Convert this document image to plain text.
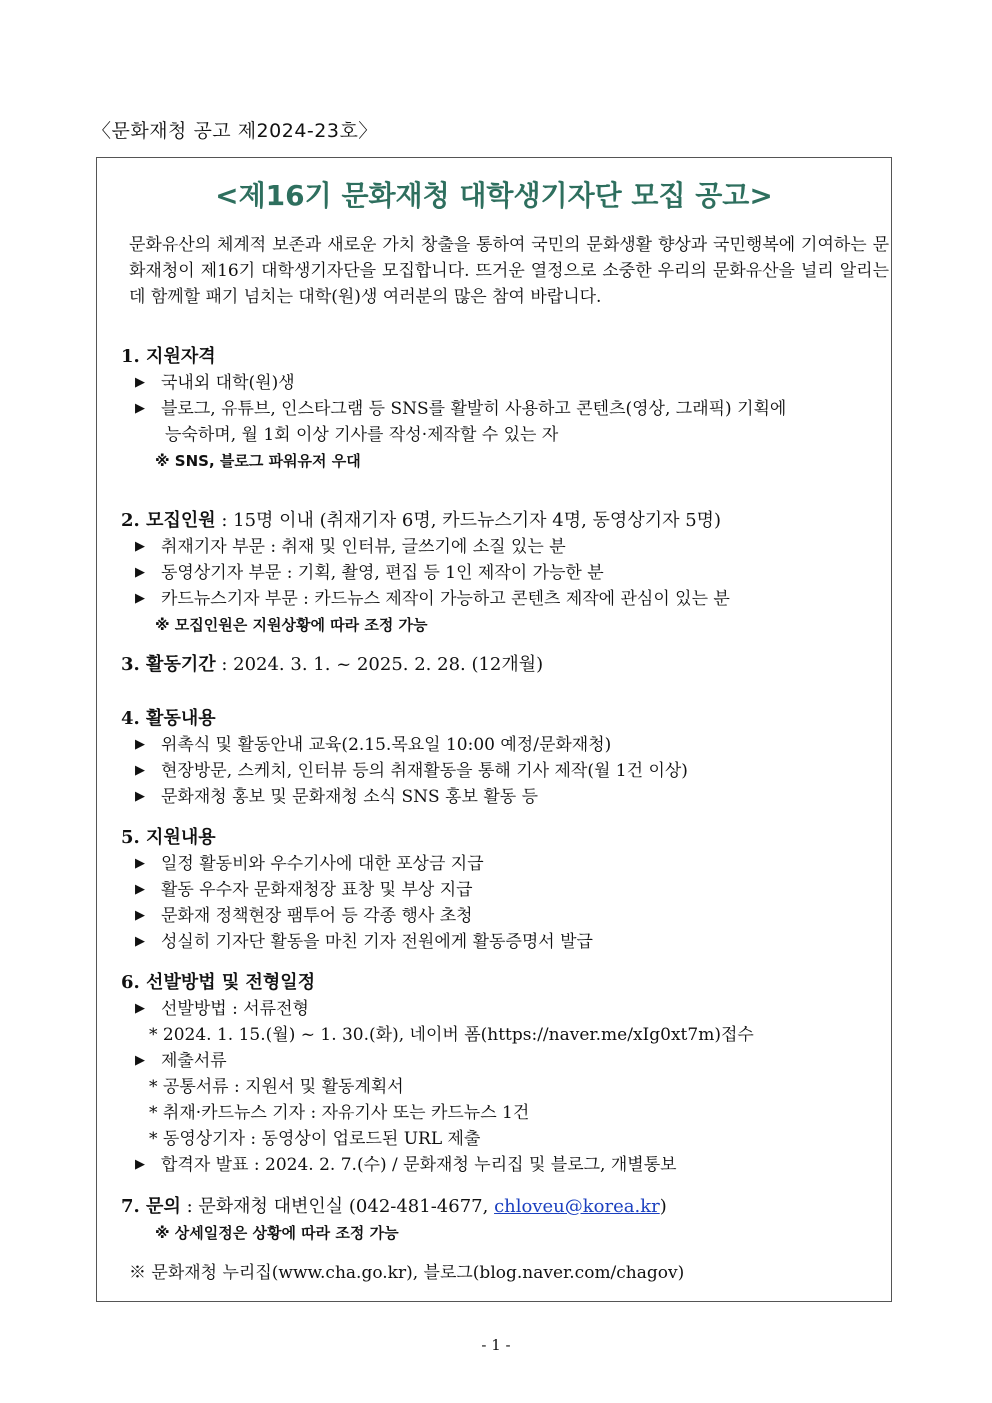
〈문화재청 공고 제2024-23호〉
<제16기 문화재청 대학생기자단 모집 공고>
문화유산의 체계적 보존과 새로운 가치 창출을 통하여 국민의 문화생활 향상과 국민행복에 기여하는 문화재청이 제16기 대학생기자단을 모집합니다. 뜨거운 열정으로 소중한 우리의 문화유산을 널리 알리는데 함께할 패기 넘치는 대학(원)생 여러분의 많은 참여 바랍니다.
1. 지원자격
▶ 국내외 대학(원)생
▶ 블로그, 유튜브, 인스타그램 등 SNS를 활발히 사용하고 콘텐츠(영상, 그래픽) 기획에
능숙하며, 월 1회 이상 기사를 작성·제작할 수 있는 자
※ SNS, 블로그 파워유저 우대
2. 모집인원 : 15명 이내 (취재기자 6명, 카드뉴스기자 4명, 동영상기자 5명)
▶ 취재기자 부문 : 취재 및 인터뷰, 글쓰기에 소질 있는 분
▶ 동영상기자 부문 : 기획, 촬영, 편집 등 1인 제작이 가능한 분
▶ 카드뉴스기자 부문 : 카드뉴스 제작이 가능하고 콘텐츠 제작에 관심이 있는 분
※ 모집인원은 지원상황에 따라 조정 가능
3. 활동기간 : 2024. 3. 1. ~ 2025. 2. 28. (12개월)
4. 활동내용
▶ 위촉식 및 활동안내 교육(2.15.목요일 10:00 예정/문화재청)
▶ 현장방문, 스케치, 인터뷰 등의 취재활동을 통해 기사 제작(월 1건 이상)
▶ 문화재청 홍보 및 문화재청 소식 SNS 홍보 활동 등
5. 지원내용
▶ 일정 활동비와 우수기사에 대한 포상금 지급
▶ 활동 우수자 문화재청장 표창 및 부상 지급
▶ 문화재 정책현장 팸투어 등 각종 행사 초청
▶ 성실히 기자단 활동을 마친 기자 전원에게 활동증명서 발급
6. 선발방법 및 전형일정
▶ 선발방법 : 서류전형
* 2024. 1. 15.(월) ~ 1. 30.(화), 네이버 폼(https://naver.me/xIg0xt7m)접수
▶ 제출서류
* 공통서류 : 지원서 및 활동계획서
* 취재·카드뉴스 기자 : 자유기사 또는 카드뉴스 1건
* 동영상기자 : 동영상이 업로드된 URL 제출
▶ 합격자 발표 : 2024. 2. 7.(수) / 문화재청 누리집 및 블로그, 개별통보
7. 문의 : 문화재청 대변인실 (042-481-4677, chloveu@korea.kr)
※ 상세일정은 상황에 따라 조정 가능
※ 문화재청 누리집(www.cha.go.kr), 블로그(blog.naver.com/chagov)
- 1 -
